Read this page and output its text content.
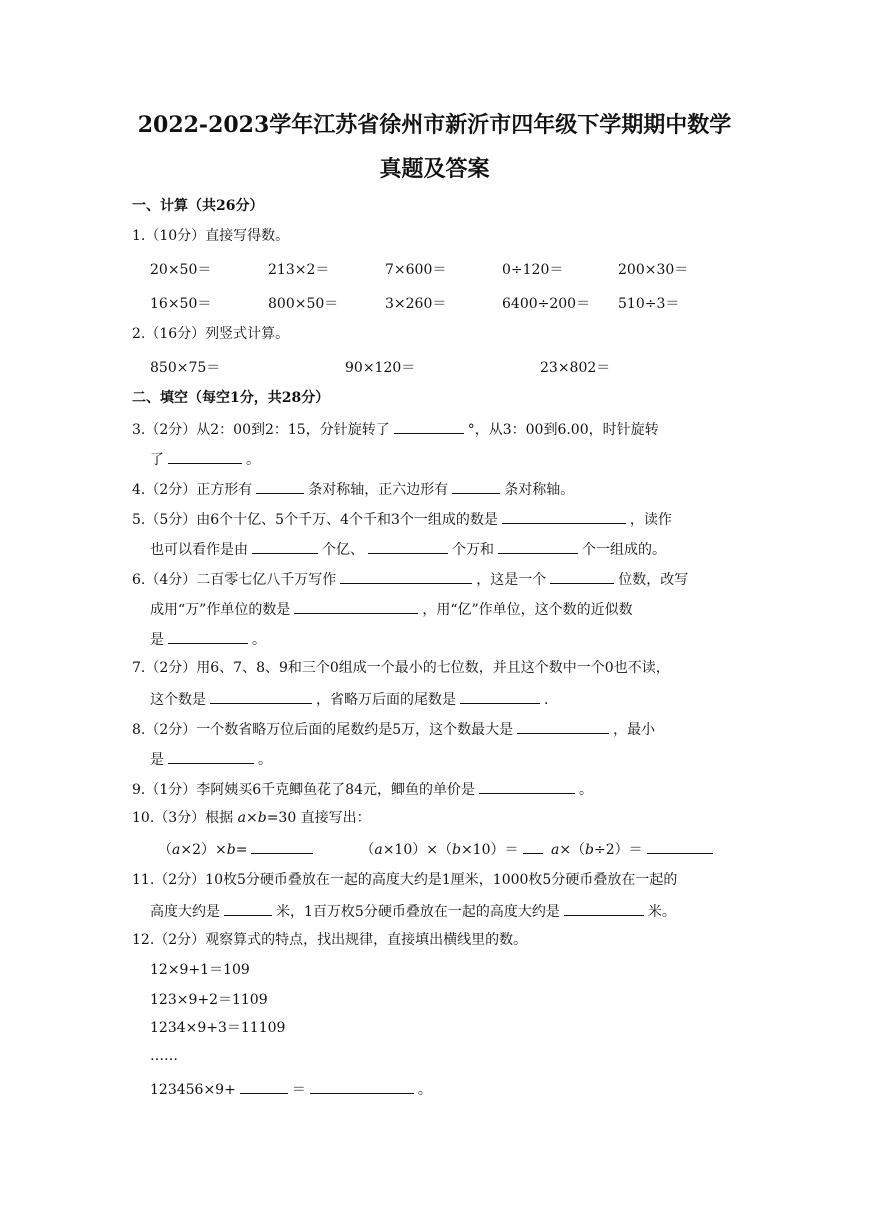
2022-2023学年江苏省徐州市新沂市四年级下学期期中数学
真题及答案
一、计算（共26分）
1.（10分）直接写得数。
20×50＝	213×2＝	7×600＝	0÷120＝	200×30＝
16×50＝	800×50＝	3×260＝	6400÷200＝ 510÷3＝
2.（16分）列竖式计算。
850×75＝	90×120＝	23×802＝
二、填空（每空1分，共28分）
3.（2分）从2：00到2：15，分针旋转了	°，从3：00到6.00，时针旋转
了	。
4.（2分）正方形有	条对称轴，正六边形有	条对称轴。
5.（5分）由6个十亿、5个千万、4个千和3个一组成的数是	，读作
也可以看作是由	个亿、	个万和	个一组成的。
6.（4分）二百零七亿八千万写作	，这是一个	位数，改写
成用“万”作单位的数是	，用“亿”作单位，这个数的近似数
是	。
7.（2分）用6、7、8、9和三个0组成一个最小的七位数，并且这个数中一个0也不读，
这个数是	，省略万后面的尾数是	.
8.（2分）一个数省略万位后面的尾数约是5万，这个数最大是	，最小
是	。
9.（1分）李阿姨买6千克鲫鱼花了84元，鲫鱼的单价是	。
10.（3分）根据 a×b=30 直接写出：
（a×2）×b=	（a×10）×（b×10）＝ a×（b÷2）＝
11.（2分）10枚5分硬币叠放在一起的高度大约是1厘米，1000枚5分硬币叠放在一起的
高度大约是	米，1百万枚5分硬币叠放在一起的高度大约是	米。
12.（2分）观察算式的特点，找出规律，直接填出横线里的数。
12×9+1＝109
123×9+2＝1109
1234×9+3＝11109
……
123456×9+	＝	。
